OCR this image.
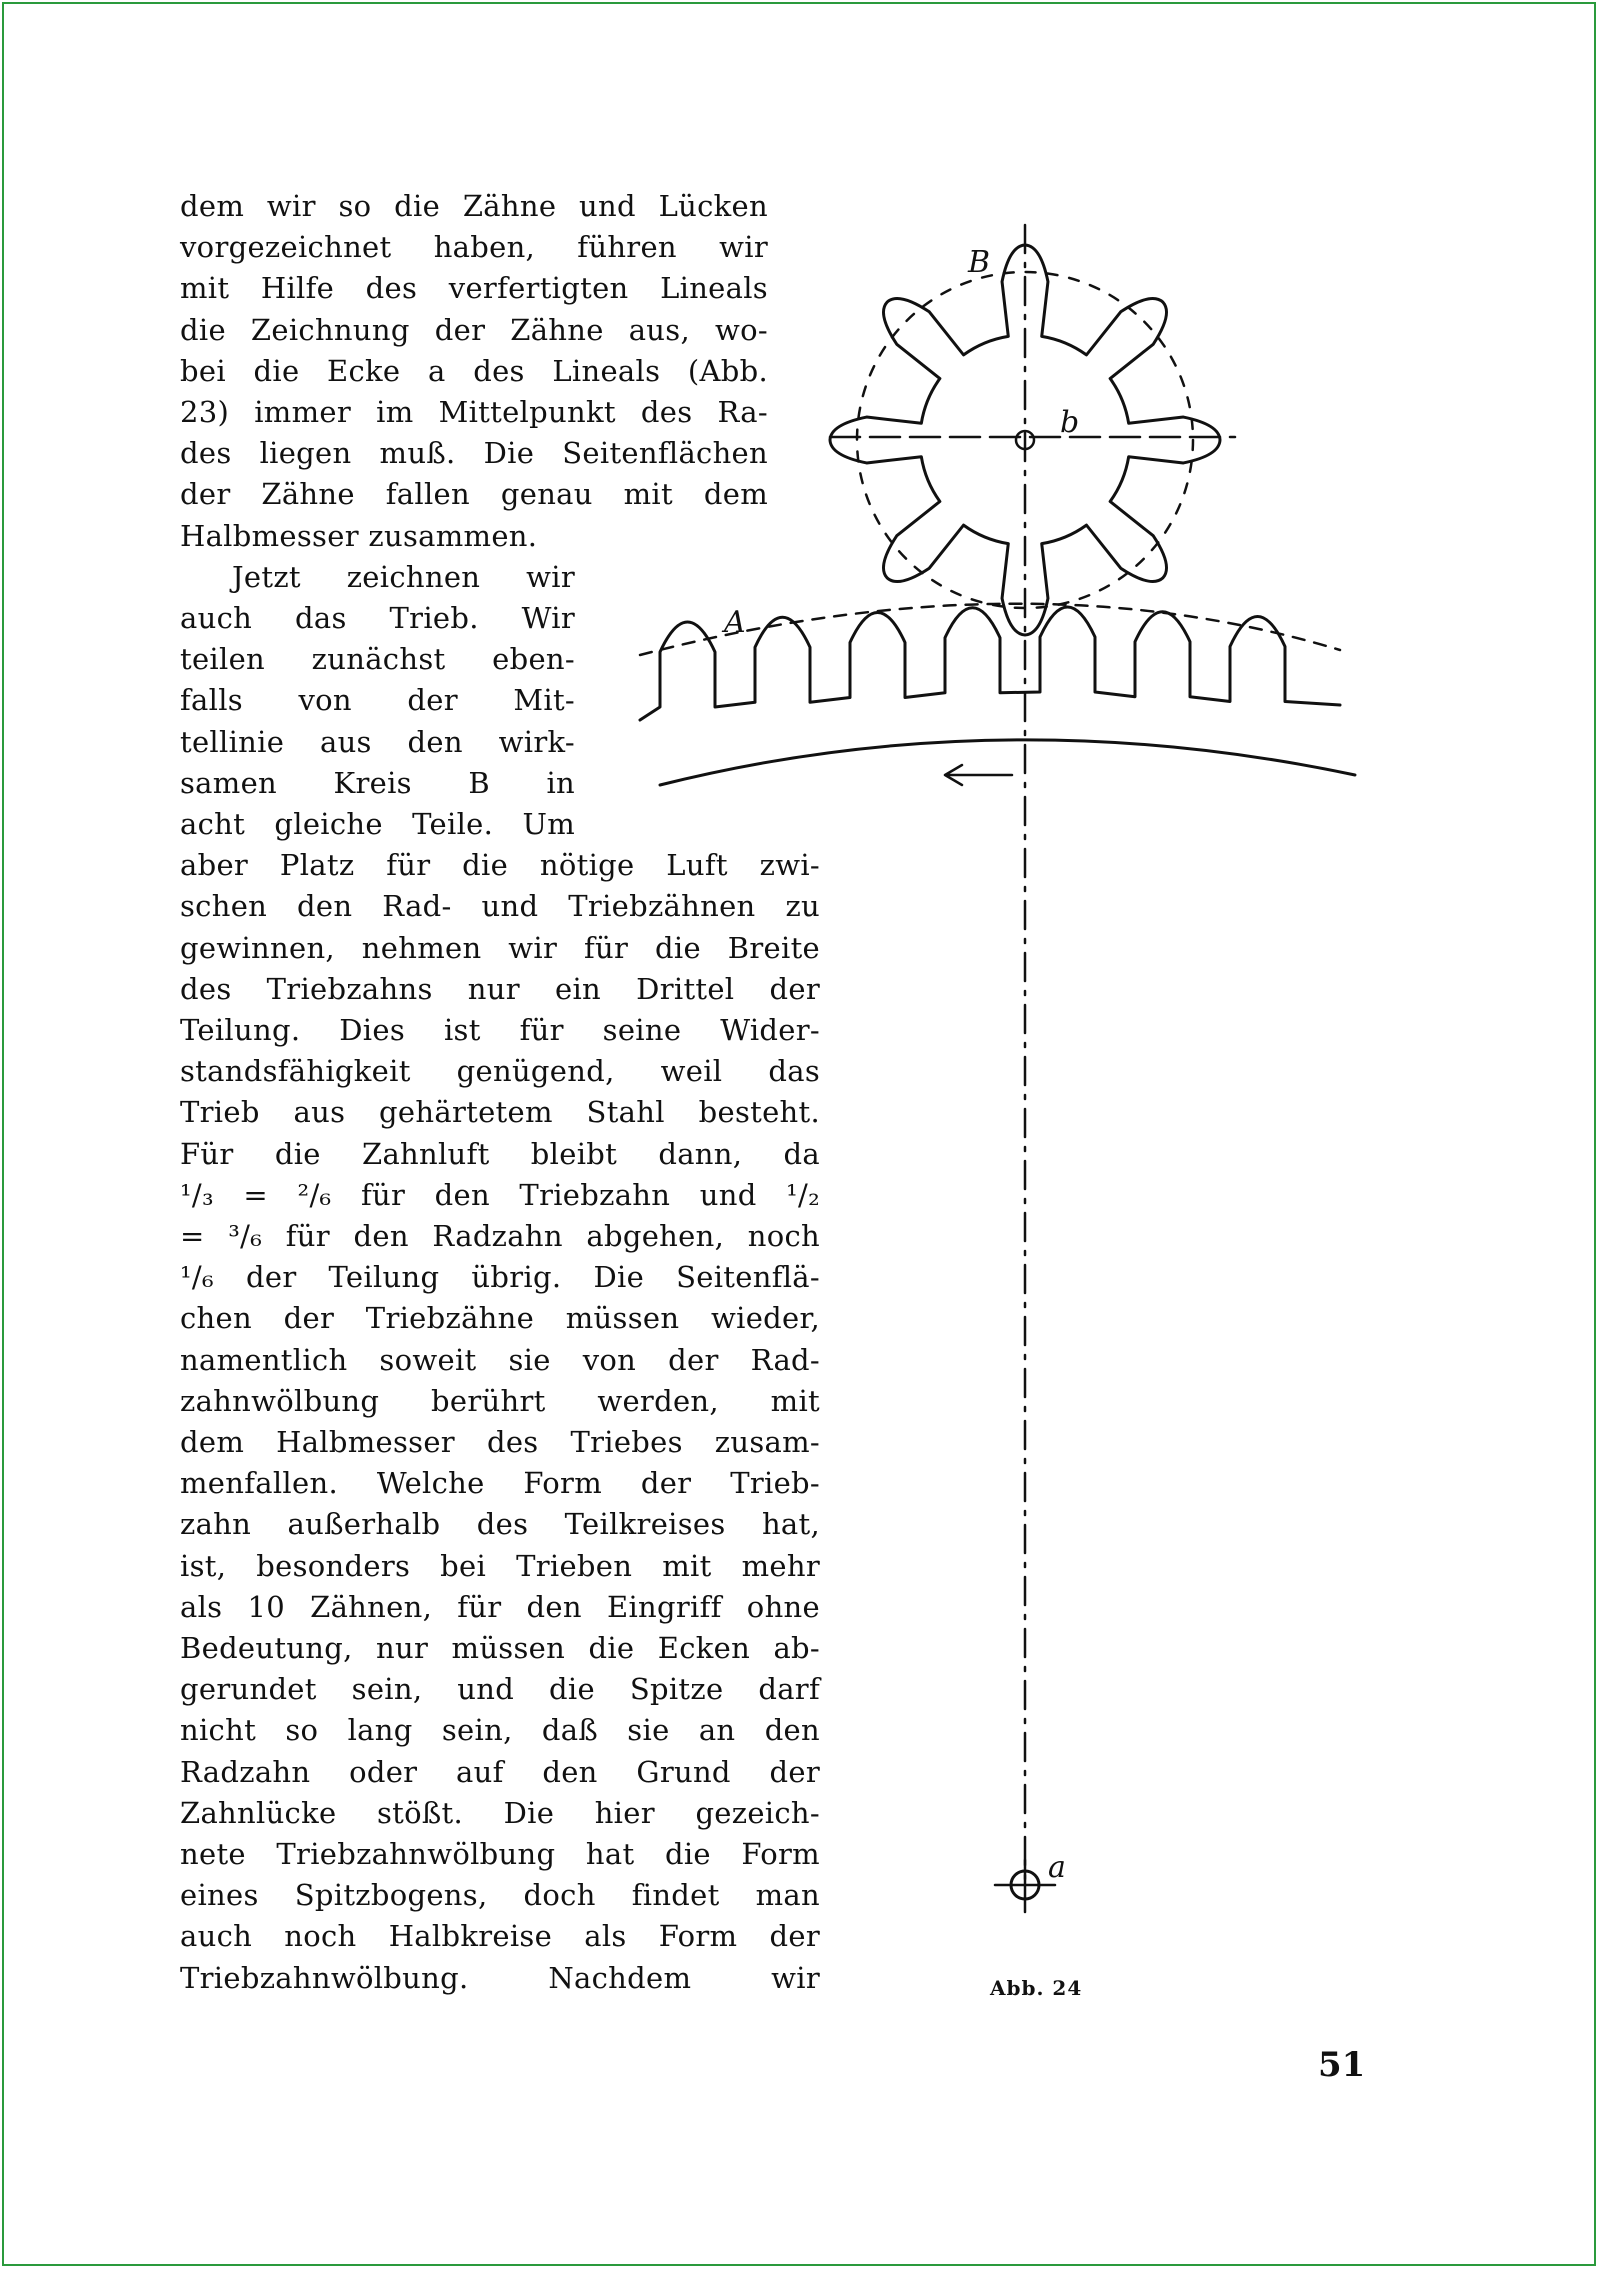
dem wir so die Zähne und Lücken
vorgezeichnet haben, führen wir
mit Hilfe des verfertigten Lineals
die Zeichnung der Zähne aus, wo-
bei die Ecke a des Lineals (Abb.
23) immer im Mittelpunkt des Ra-
des liegen muß. Die Seitenflächen
der Zähne fallen genau mit dem
Halbmesser zusammen.
Jetzt zeichnen wir
auch das Trieb. Wir
teilen zunächst eben-
falls von der Mit-
tellinie aus den wirk-
samen Kreis B in
acht gleiche Teile. Um
aber Platz für die nötige Luft zwi-
schen den Rad- und Triebzähnen zu
gewinnen, nehmen wir für die Breite
des Triebzahns nur ein Drittel der
Teilung. Dies ist für seine Wider-
standsfähigkeit genügend, weil das
Trieb aus gehärtetem Stahl besteht.
Für die Zahnluft bleibt dann, da
¹/₃ = ²/₆ für den Triebzahn und ¹/₂
= ³/₆ für den Radzahn abgehen, noch
¹/₆ der Teilung übrig. Die Seitenflä-
chen der Triebzähne müssen wieder,
namentlich soweit sie von der Rad-
zahnwölbung berührt werden, mit
dem Halbmesser des Triebes zusam-
menfallen. Welche Form der Trieb-
zahn außerhalb des Teilkreises hat,
ist, besonders bei Trieben mit mehr
als 10 Zähnen, für den Eingriff ohne
Bedeutung, nur müssen die Ecken ab-
gerundet sein, und die Spitze darf
nicht so lang sein, daß sie an den
Radzahn oder auf den Grund der
Zahnlücke stößt. Die hier gezeich-
nete Triebzahnwölbung hat die Form
eines Spitzbogens, doch findet man
auch noch Halbkreise als Form der
Triebzahnwölbung. Nachdem wir
B
b
A
a
Abb. 24
51
